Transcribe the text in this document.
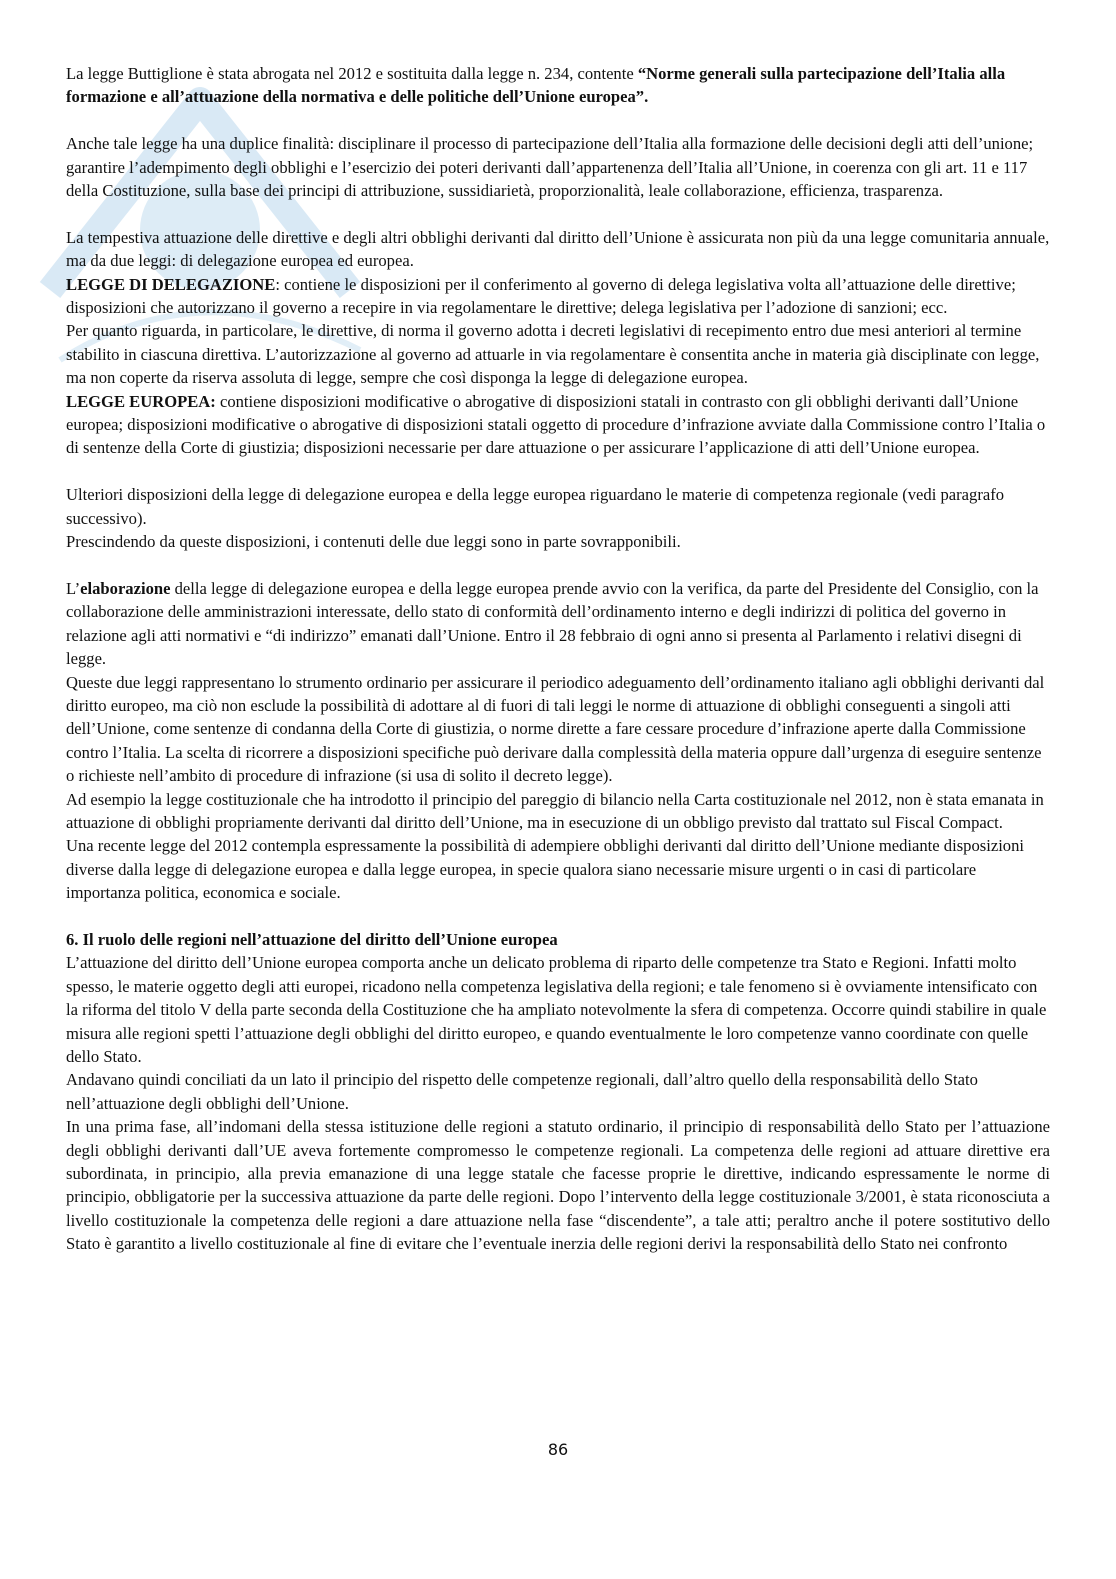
La legge Buttiglione è stata abrogata nel 2012 e sostituita dalla legge n. 234, contente “Norme generali sulla partecipazione dell’Italia alla formazione e all’attuazione della normativa e delle politiche dell’Unione europea”.

Anche tale legge ha una duplice finalità: disciplinare il processo di partecipazione dell’Italia alla formazione delle decisioni degli atti dell’unione; garantire l’adempimento degli obblighi e l’esercizio dei poteri derivanti dall’appartenenza dell’Italia all’Unione, in coerenza con gli art. 11 e 117 della Costituzione, sulla base dei principi di attribuzione, sussidiarietà, proporzionalità, leale collaborazione, efficienza, trasparenza.

La tempestiva attuazione delle direttive e degli altri obblighi derivanti dal diritto dell’Unione è assicurata non più da una legge comunitaria annuale, ma da due leggi: di delegazione europea ed europea.

LEGGE DI DELEGAZIONE: contiene le disposizioni per il conferimento al governo di delega legislativa volta all’attuazione delle direttive; disposizioni che autorizzano il governo a recepire in via regolamentare le direttive; delega legislativa per l’adozione di sanzioni; ecc.

Per quanto riguarda, in particolare, le direttive, di norma il governo adotta i decreti legislativi di recepimento entro due mesi anteriori al termine stabilito in ciascuna direttiva. L’autorizzazione al governo ad attuarle in via regolamentare è consentita anche in materia già disciplinate con legge, ma non coperte da riserva assoluta di legge, sempre che così disponga la legge di delegazione europea.

LEGGE EUROPEA: contiene disposizioni modificative o abrogative di disposizioni statali in contrasto con gli obblighi derivanti dall’Unione europea; disposizioni modificative o abrogative di disposizioni statali oggetto di procedure d’infrazione avviate dalla Commissione contro l’Italia o di sentenze della Corte di giustizia; disposizioni necessarie per dare attuazione o per assicurare l’applicazione di atti dell’Unione europea.

Ulteriori disposizioni della legge di delegazione europea e della legge europea riguardano le materie di competenza regionale (vedi paragrafo successivo).

Prescindendo da queste disposizioni, i contenuti delle due leggi sono in parte sovrapponibili.

L’elaborazione della legge di delegazione europea e della legge europea prende avvio con la verifica, da parte del Presidente del Consiglio, con la collaborazione delle amministrazioni interessate, dello stato di conformità dell’ordinamento interno e degli indirizzi di politica del governo in relazione agli atti normativi e “di indirizzo” emanati dall’Unione. Entro il 28 febbraio di ogni anno si presenta al Parlamento i relativi disegni di legge.

Queste due leggi rappresentano lo strumento ordinario per assicurare il periodico adeguamento dell’ordinamento italiano agli obblighi derivanti dal diritto europeo, ma ciò non esclude la possibilità di adottare al di fuori di tali leggi le norme di attuazione di obblighi conseguenti a singoli atti dell’Unione, come sentenze di condanna della Corte di giustizia, o norme dirette a fare cessare procedure d’infrazione aperte dalla Commissione contro l’Italia. La scelta di ricorrere a disposizioni specifiche può derivare dalla complessità della materia oppure dall’urgenza di eseguire sentenze o richieste nell’ambito di procedure di infrazione (si usa di solito il decreto legge).

Ad esempio la legge costituzionale che ha introdotto il principio del pareggio di bilancio nella Carta costituzionale nel 2012, non è stata emanata in attuazione di obblighi propriamente derivanti dal diritto dell’Unione, ma in esecuzione di un obbligo previsto dal trattato sul Fiscal Compact.

Una recente legge del 2012 contempla espressamente la possibilità di adempiere obblighi derivanti dal diritto dell’Unione mediante disposizioni diverse dalla legge di delegazione europea e dalla legge europea, in specie qualora siano necessarie misure urgenti o in casi di particolare importanza politica, economica e sociale.

6. Il ruolo delle regioni nell’attuazione del diritto dell’Unione europea

L’attuazione del diritto dell’Unione europea comporta anche un delicato problema di riparto delle competenze tra Stato e Regioni. Infatti molto spesso, le materie oggetto degli atti europei, ricadono nella competenza legislativa della regioni; e tale fenomeno si è ovviamente intensificato con la riforma del titolo V della parte seconda della Costituzione che ha ampliato notevolmente la sfera di competenza. Occorre quindi stabilire in quale misura alle regioni spetti l’attuazione degli obblighi del diritto europeo, e quando eventualmente le loro competenze vanno coordinate con quelle dello Stato.

Andavano quindi conciliati da un lato il principio del rispetto delle competenze regionali, dall’altro quello della responsabilità dello Stato nell’attuazione degli obblighi dell’Unione.

In una prima fase, all’indomani della stessa istituzione delle regioni a statuto ordinario, il principio di responsabilità dello Stato per l’attuazione degli obblighi derivanti dall’UE aveva fortemente compromesso le competenze regionali. La competenza delle regioni ad attuare direttive era subordinata, in principio, alla previa emanazione di una legge statale che facesse proprie le direttive, indicando espressamente le norme di principio, obbligatorie per la successiva attuazione da parte delle regioni. Dopo l’intervento della legge costituzionale 3/2001, è stata riconosciuta a livello costituzionale la competenza delle regioni a dare attuazione nella fase “discendente”, a tale atti; peraltro anche il potere sostitutivo dello Stato è garantito a livello costituzionale al fine di evitare che l’eventuale inerzia delle regioni derivi la responsabilità dello Stato nei confronto

86
